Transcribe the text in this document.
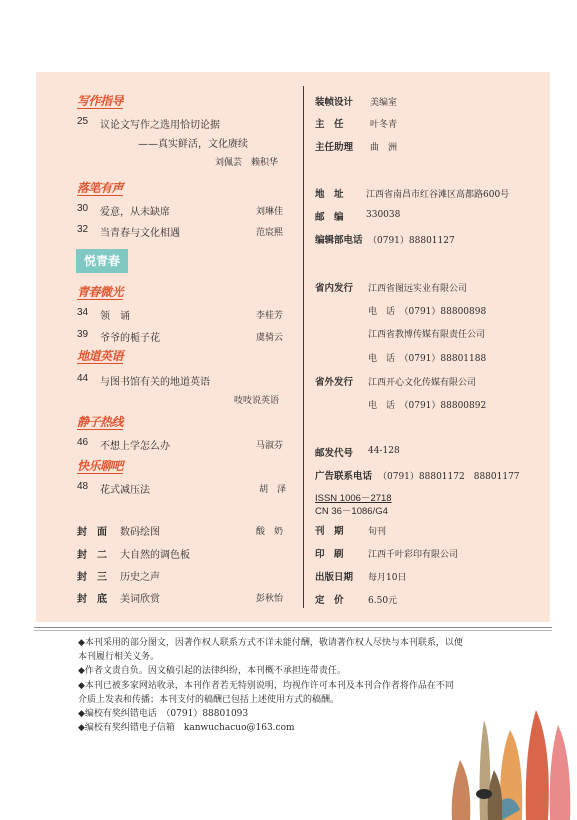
写作指导
25 议论文写作之选用恰切论据
——真实鲜活，文化赓续
刘佩芸　赖积华
落笔有声
30 爱意，从未缺席	刘琳佳
32 当青春与文化相遇	范宸熙
悦青春
青春微光
34 领　诵	李桂芳
39 爷爷的栀子花	虞骑云
地道英语
44 与图书馆有关的地道英语
吱吱说英语
静子热线
46 不想上学怎么办	马淑芬
快乐聊吧
48 花式减压法	胡　泽
封　面 数码绘图	酸　奶
封　二 大自然的调色板
封　三 历史之声
封　底 美词欣赏	彭秋怡
装帧设计 美编室
主　任	叶冬青
主任助理 曲　洲
地　址 江西省南昌市红谷滩区高都路600号
邮　编 330038
编辑部电话 （0791）88801127
省内发行 江西省图远实业有限公司
电　话　（0791）88800898
江西省教博传媒有限责任公司
电　话　（0791）88801188
省外发行 江西开心文化传媒有限公司
电　话　（0791）88800892
邮发代号 44-128
广告联系电话 （0791）88801172　88801177
ISSN 1006－2718
CN 36－1086/G4
刊　期	旬刊
印　刷	江西千叶彩印有限公司
出版日期 每月10日
定　价	6.50元

◆本刊采用的部分图文，因著作权人联系方式不详未能付酬，敬请著作权人尽快与本刊联系，以便

本刊履行相关义务。

◆作者文责自负。因文稿引起的法律纠纷，本刊概不承担连带责任。

◆本刊已被多家网站收录，本刊作者若无特别说明，均视作许可本刊及本刊合作者将作品在不同

介质上发表和传播；本刊支付的稿酬已包括上述使用方式的稿酬。

◆编校有奖纠错电话　（0791）88801093

◆编校有奖纠错电子信箱　kanwuchacuo@163.com
